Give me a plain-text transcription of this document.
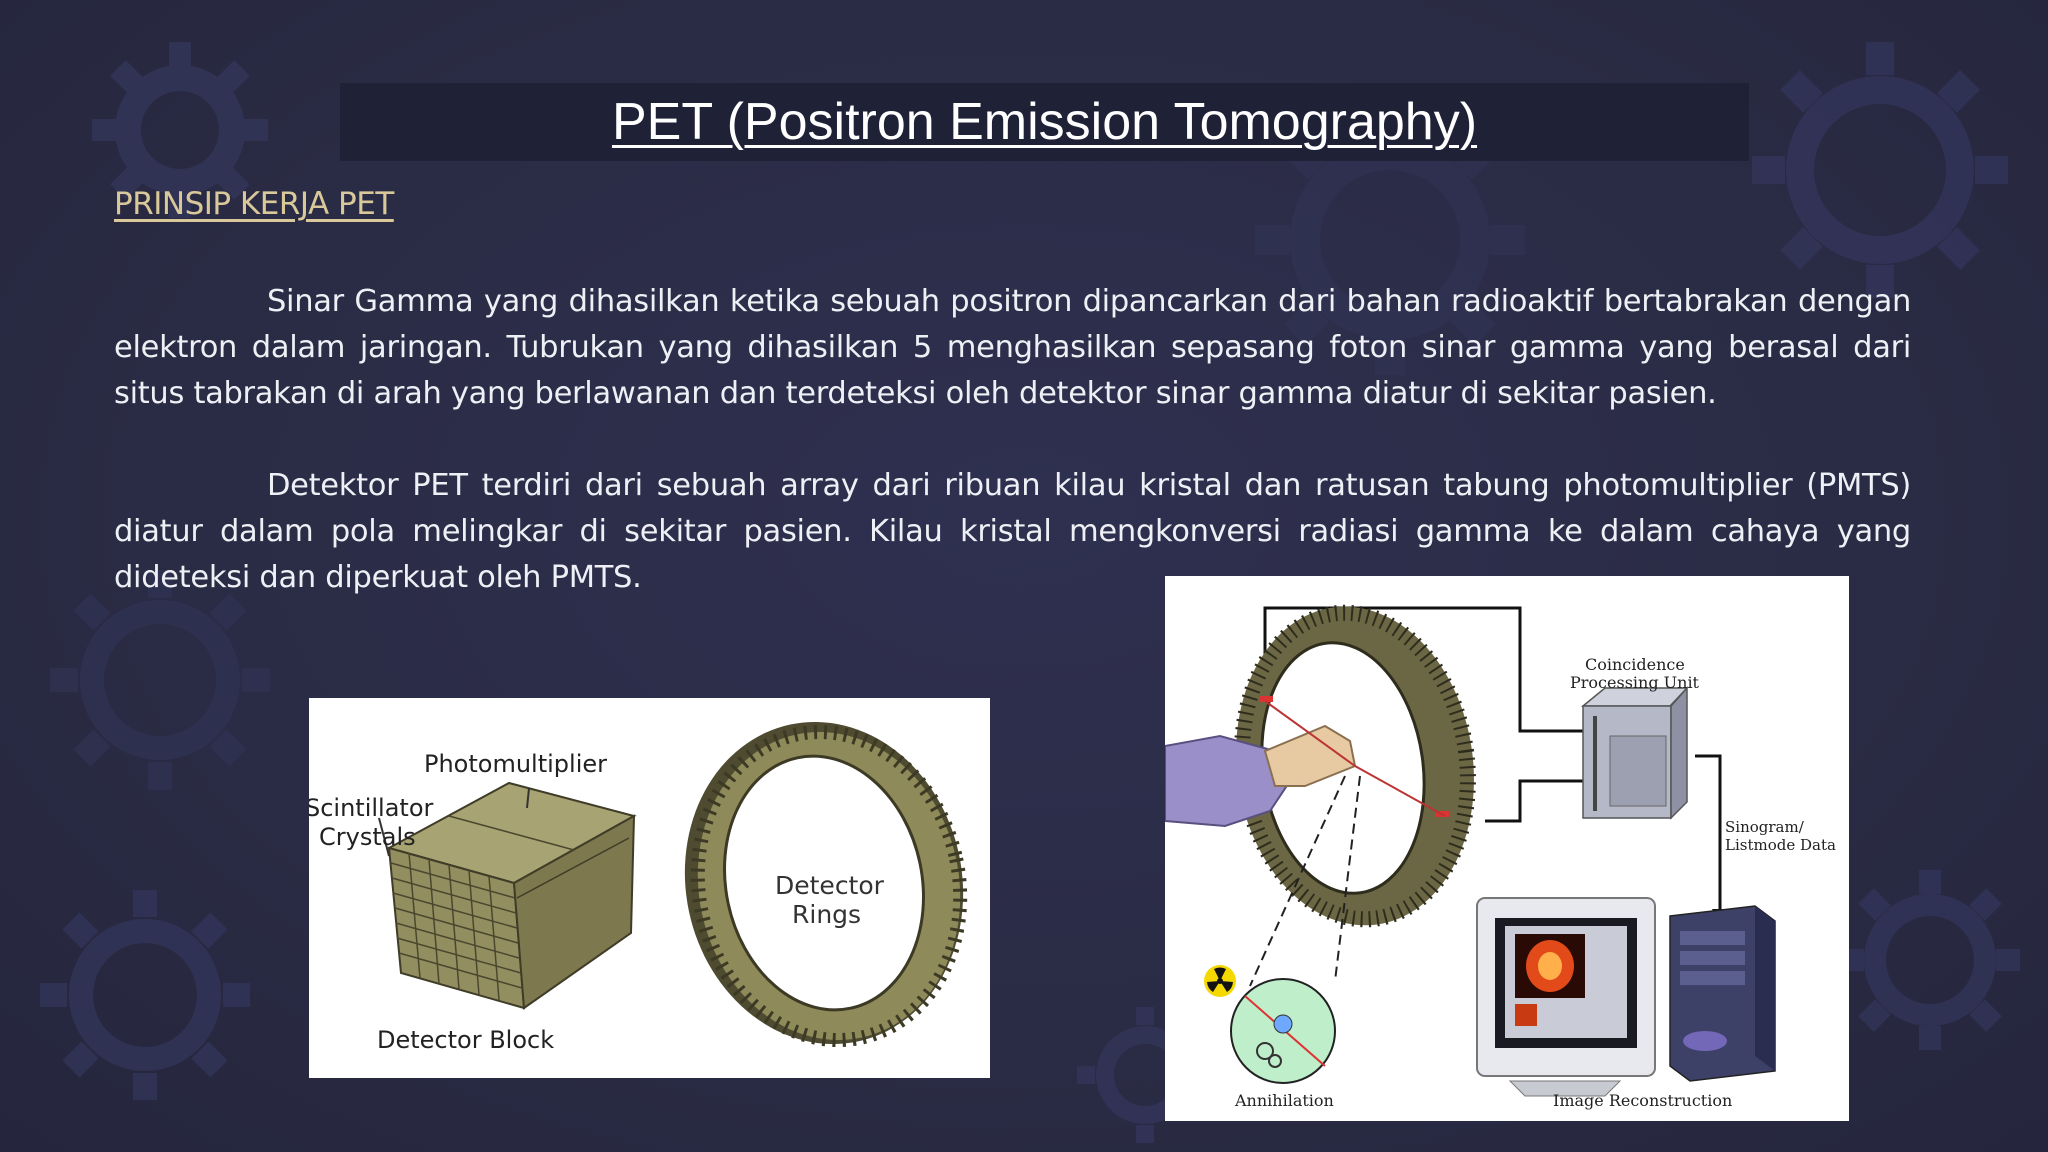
PET (Positron Emission Tomography)
PRINSIP KERJA PET

Sinar Gamma yang dihasilkan ketika sebuah positron dipancarkan dari bahan radioaktif bertabrakan dengan elektron dalam jaringan. Tubrukan yang dihasilkan 5 menghasilkan sepasang foton sinar gamma yang berasal dari situs tabrakan di arah yang berlawanan dan terdeteksi oleh detektor sinar gamma diatur di sekitar pasien.

Detektor PET terdiri dari sebuah array dari ribuan kilau kristal dan ratusan tabung photomultiplier (PMTS) diatur dalam pola melingkar di sekitar pasien. Kilau kristal mengkonversi radiasi gamma ke dalam cahaya yang dideteksi dan diperkuat oleh PMTS.

Photomultiplier
Scintillator
Crystals
Detector Block
Detector
Rings
Coincidence
Processing Unit
Sinogram/
Listmode Data
Annihilation	Image Reconstruction
